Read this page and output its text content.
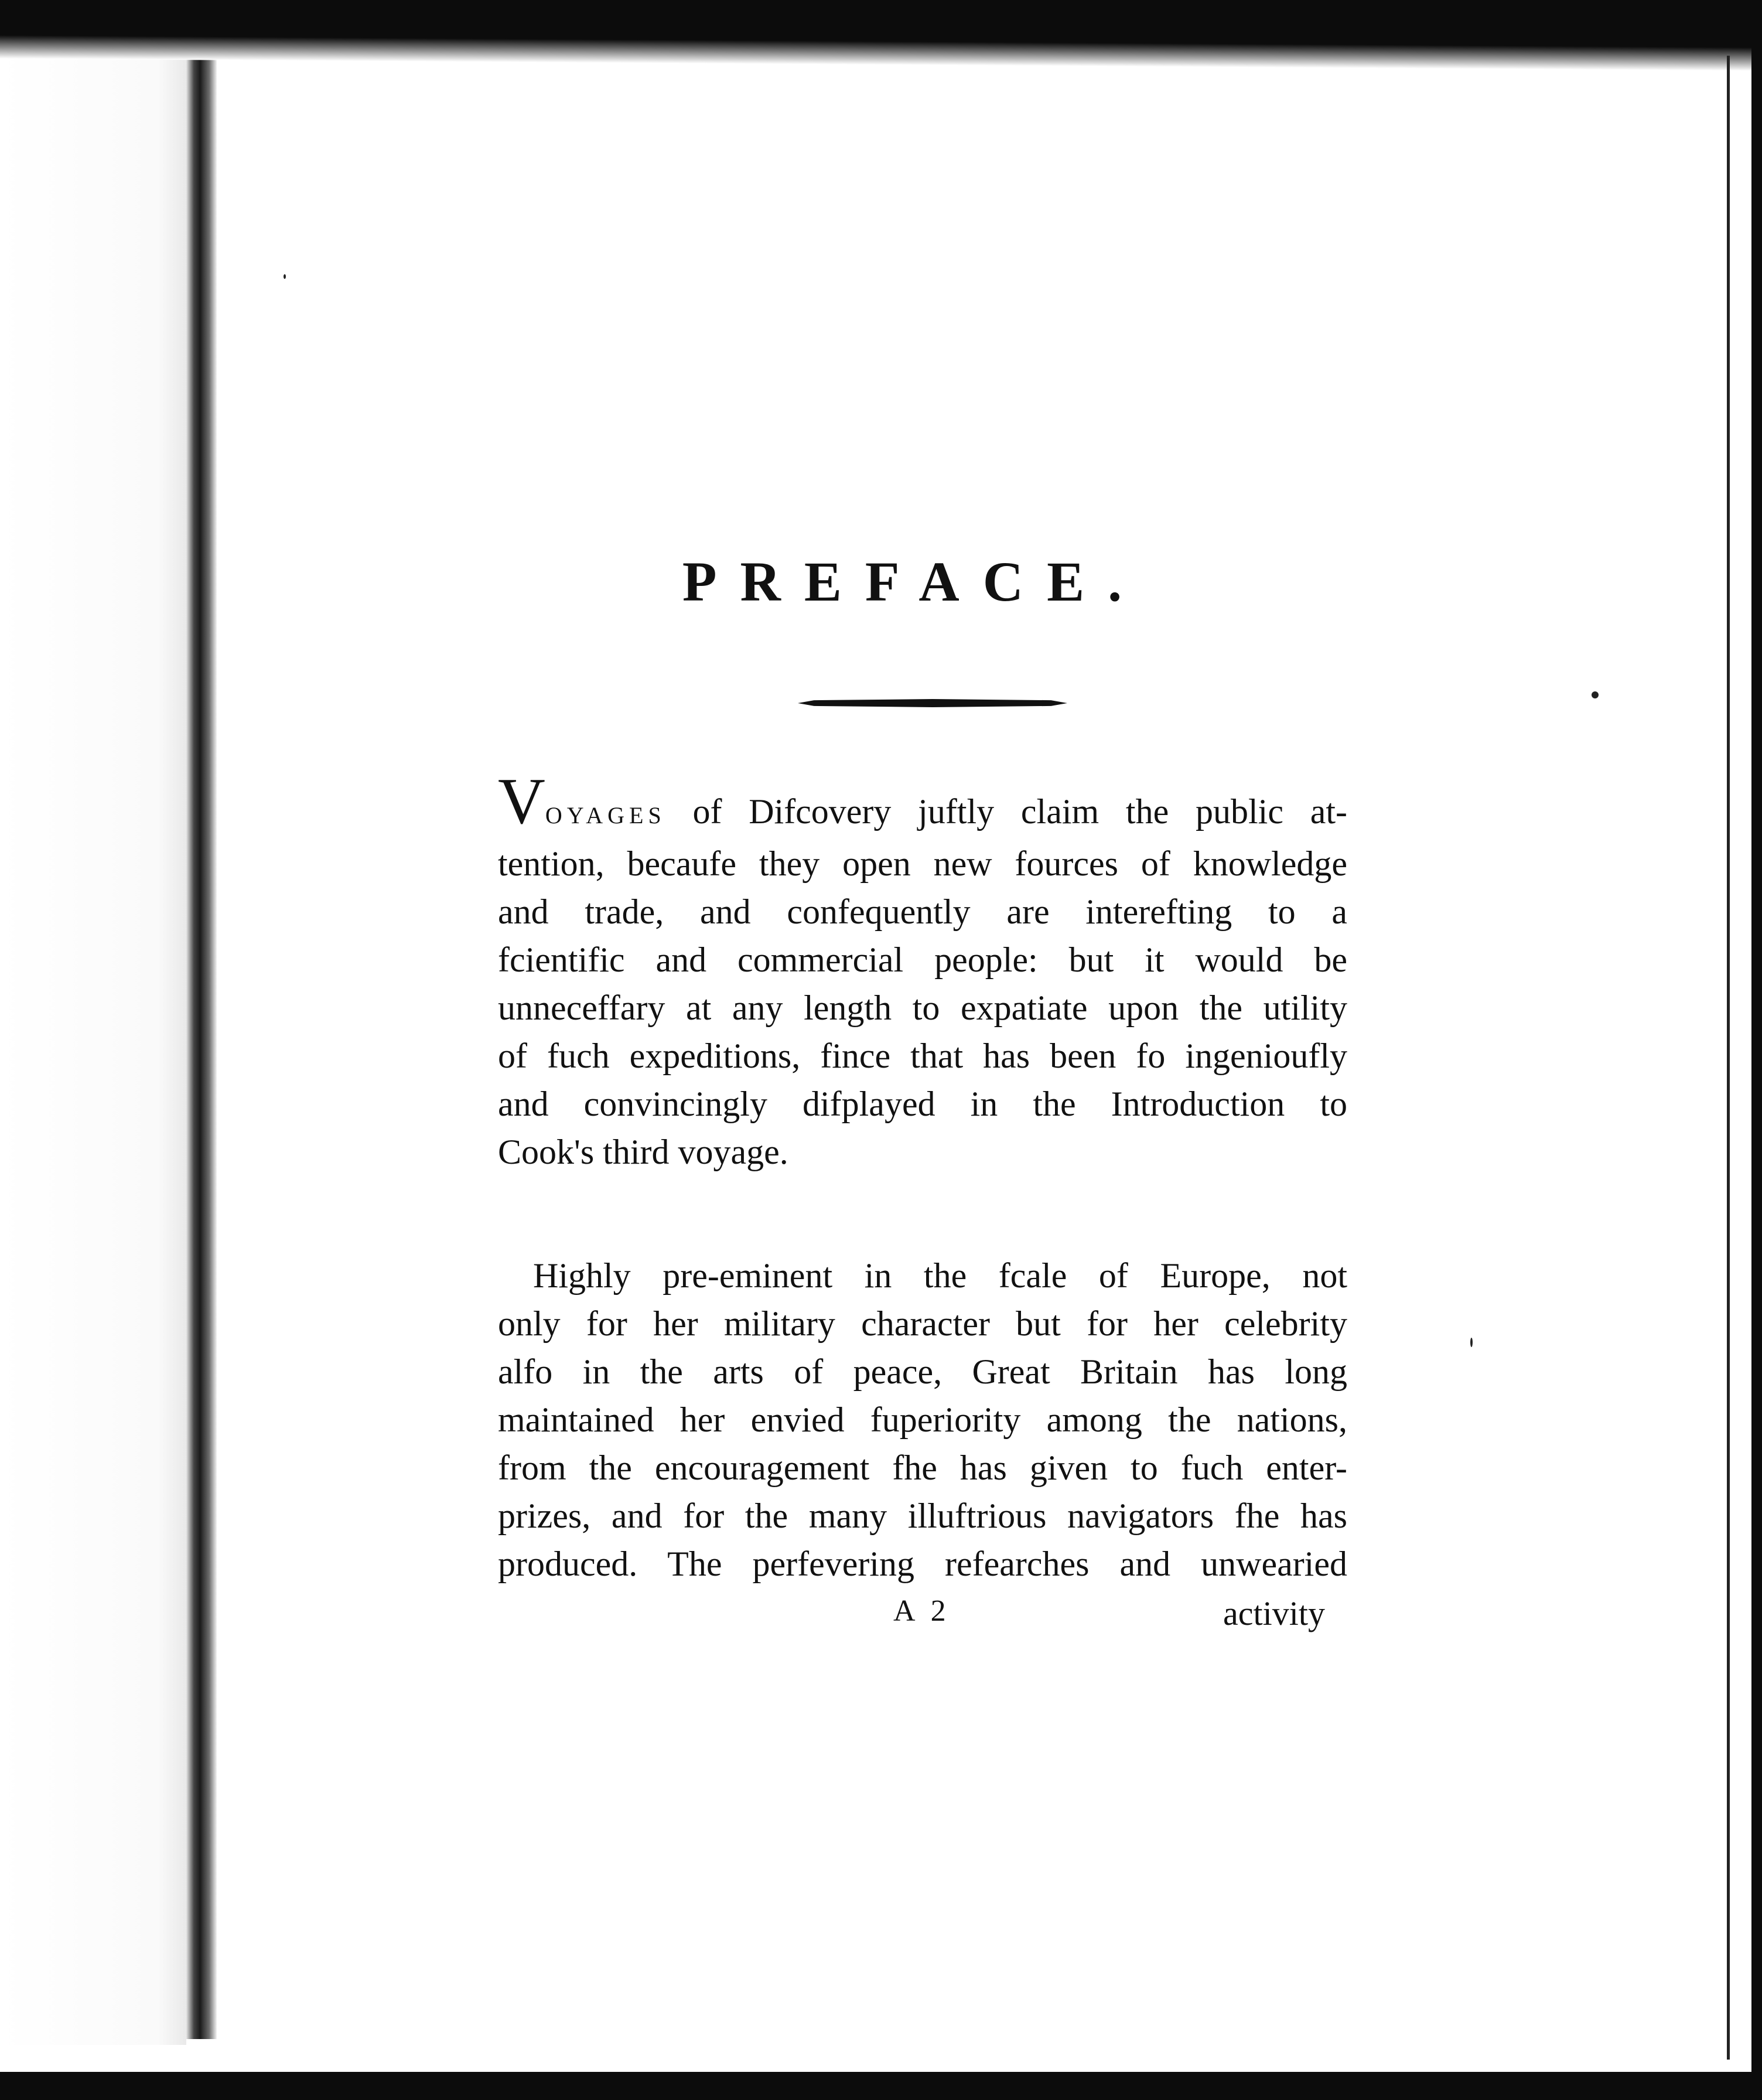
PREFACE.
VOYAGES of Difcovery juftly claim the public at-
tention, becaufe they open new fources of knowledge
and trade, and confequently are interefting to a
fcientific and commercial people: but it would be
unneceffary at any length to expatiate upon the utility
of fuch expeditions, fince that has been fo ingenioufly
and convincingly difplayed in the Introduction to
Cook's third voyage.
 Highly pre-eminent in the fcale of Europe, not
only for her military character but for her celebrity
alfo in the arts of peace, Great Britain has long
maintained her envied fuperiority among the nations,
from the encouragement fhe has given to fuch enter-
prizes, and for the many illuftrious navigators fhe has
produced. The perfevering refearches and unwearied
A 2	activity
